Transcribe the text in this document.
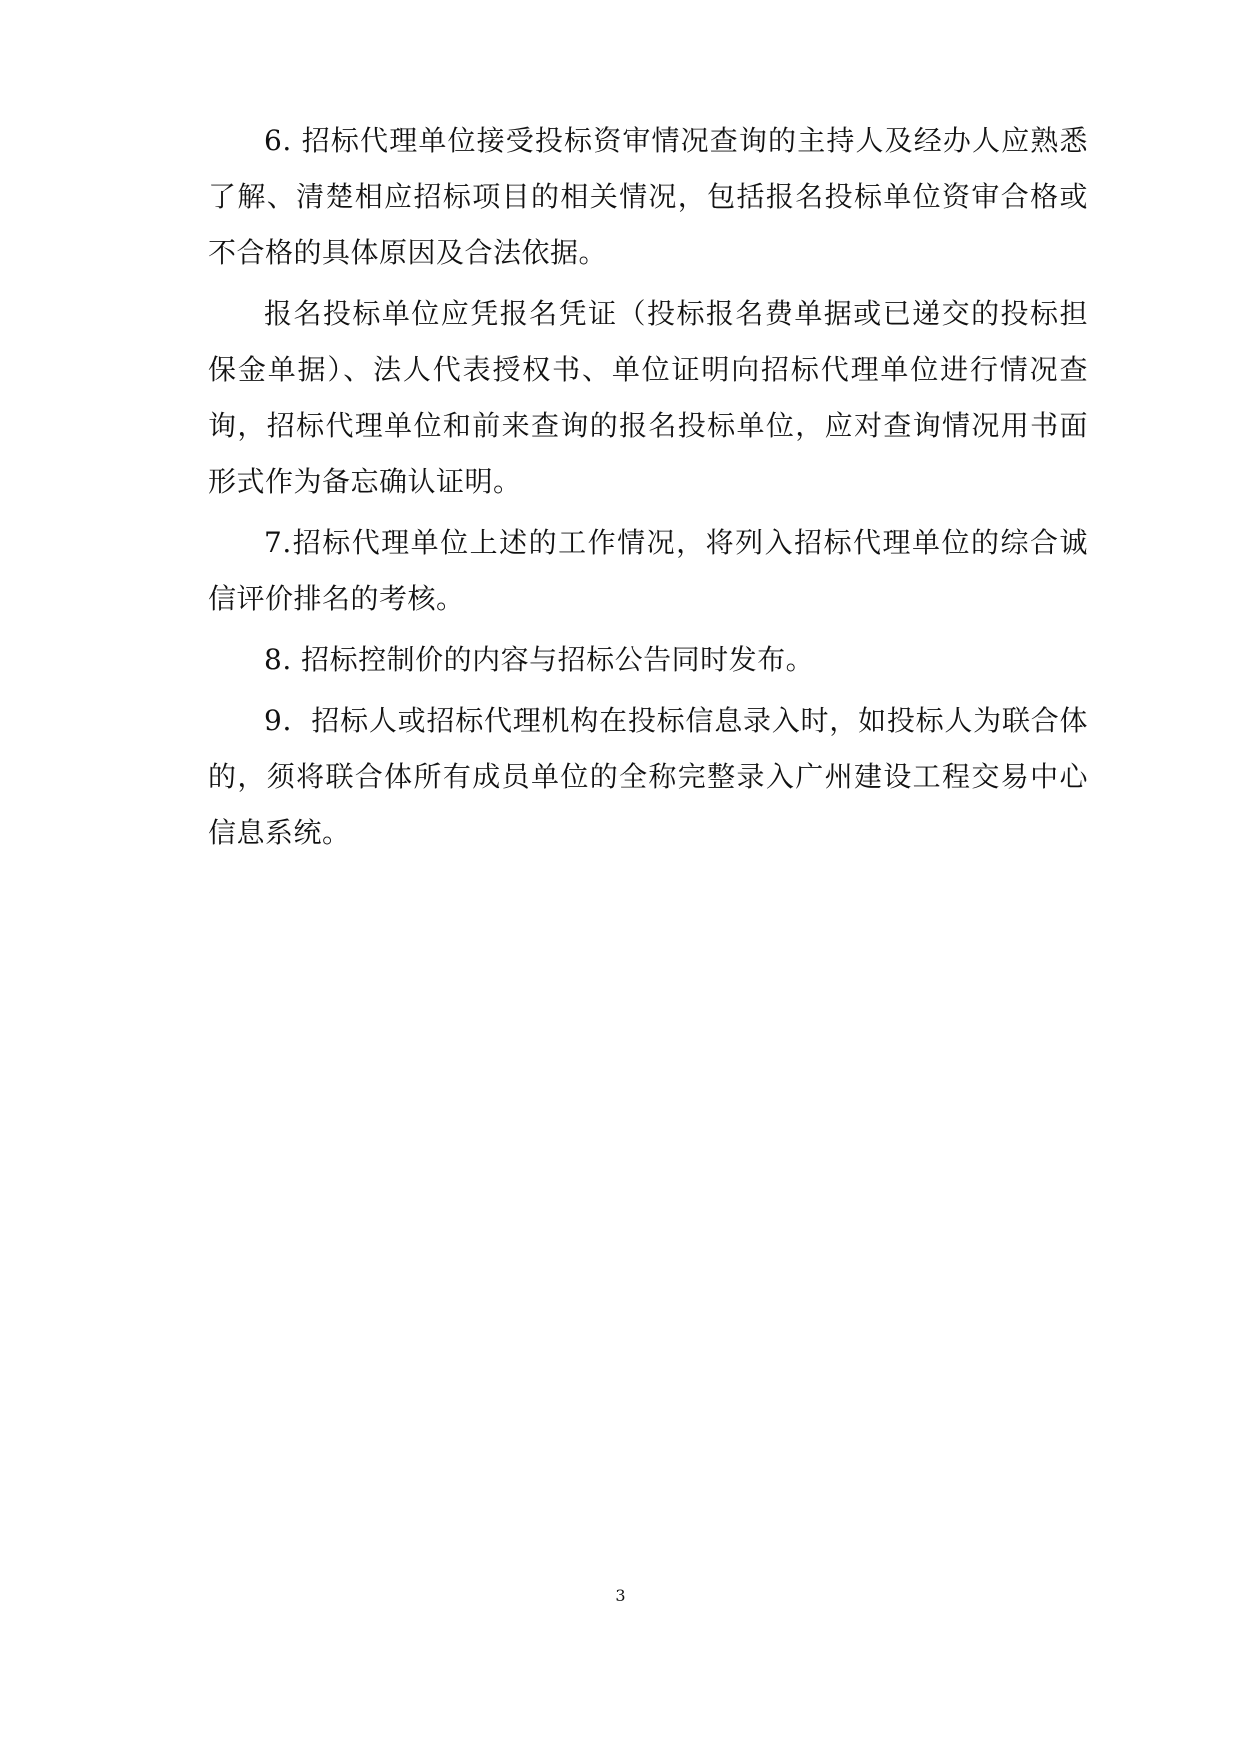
6. 招标代理单位接受投标资审情况查询的主持人及经办人应熟悉了解、清楚相应招标项目的相关情况，包括报名投标单位资审合格或不合格的具体原因及合法依据。

报名投标单位应凭报名凭证（投标报名费单据或已递交的投标担保金单据）、法人代表授权书、单位证明向招标代理单位进行情况查询，招标代理单位和前来查询的报名投标单位，应对查询情况用书面形式作为备忘确认证明。

7.招标代理单位上述的工作情况，将列入招标代理单位的综合诚信评价排名的考核。

8. 招标控制价的内容与招标公告同时发布。

9．招标人或招标代理机构在投标信息录入时，如投标人为联合体的，须将联合体所有成员单位的全称完整录入广州建设工程交易中心信息系统。

3
